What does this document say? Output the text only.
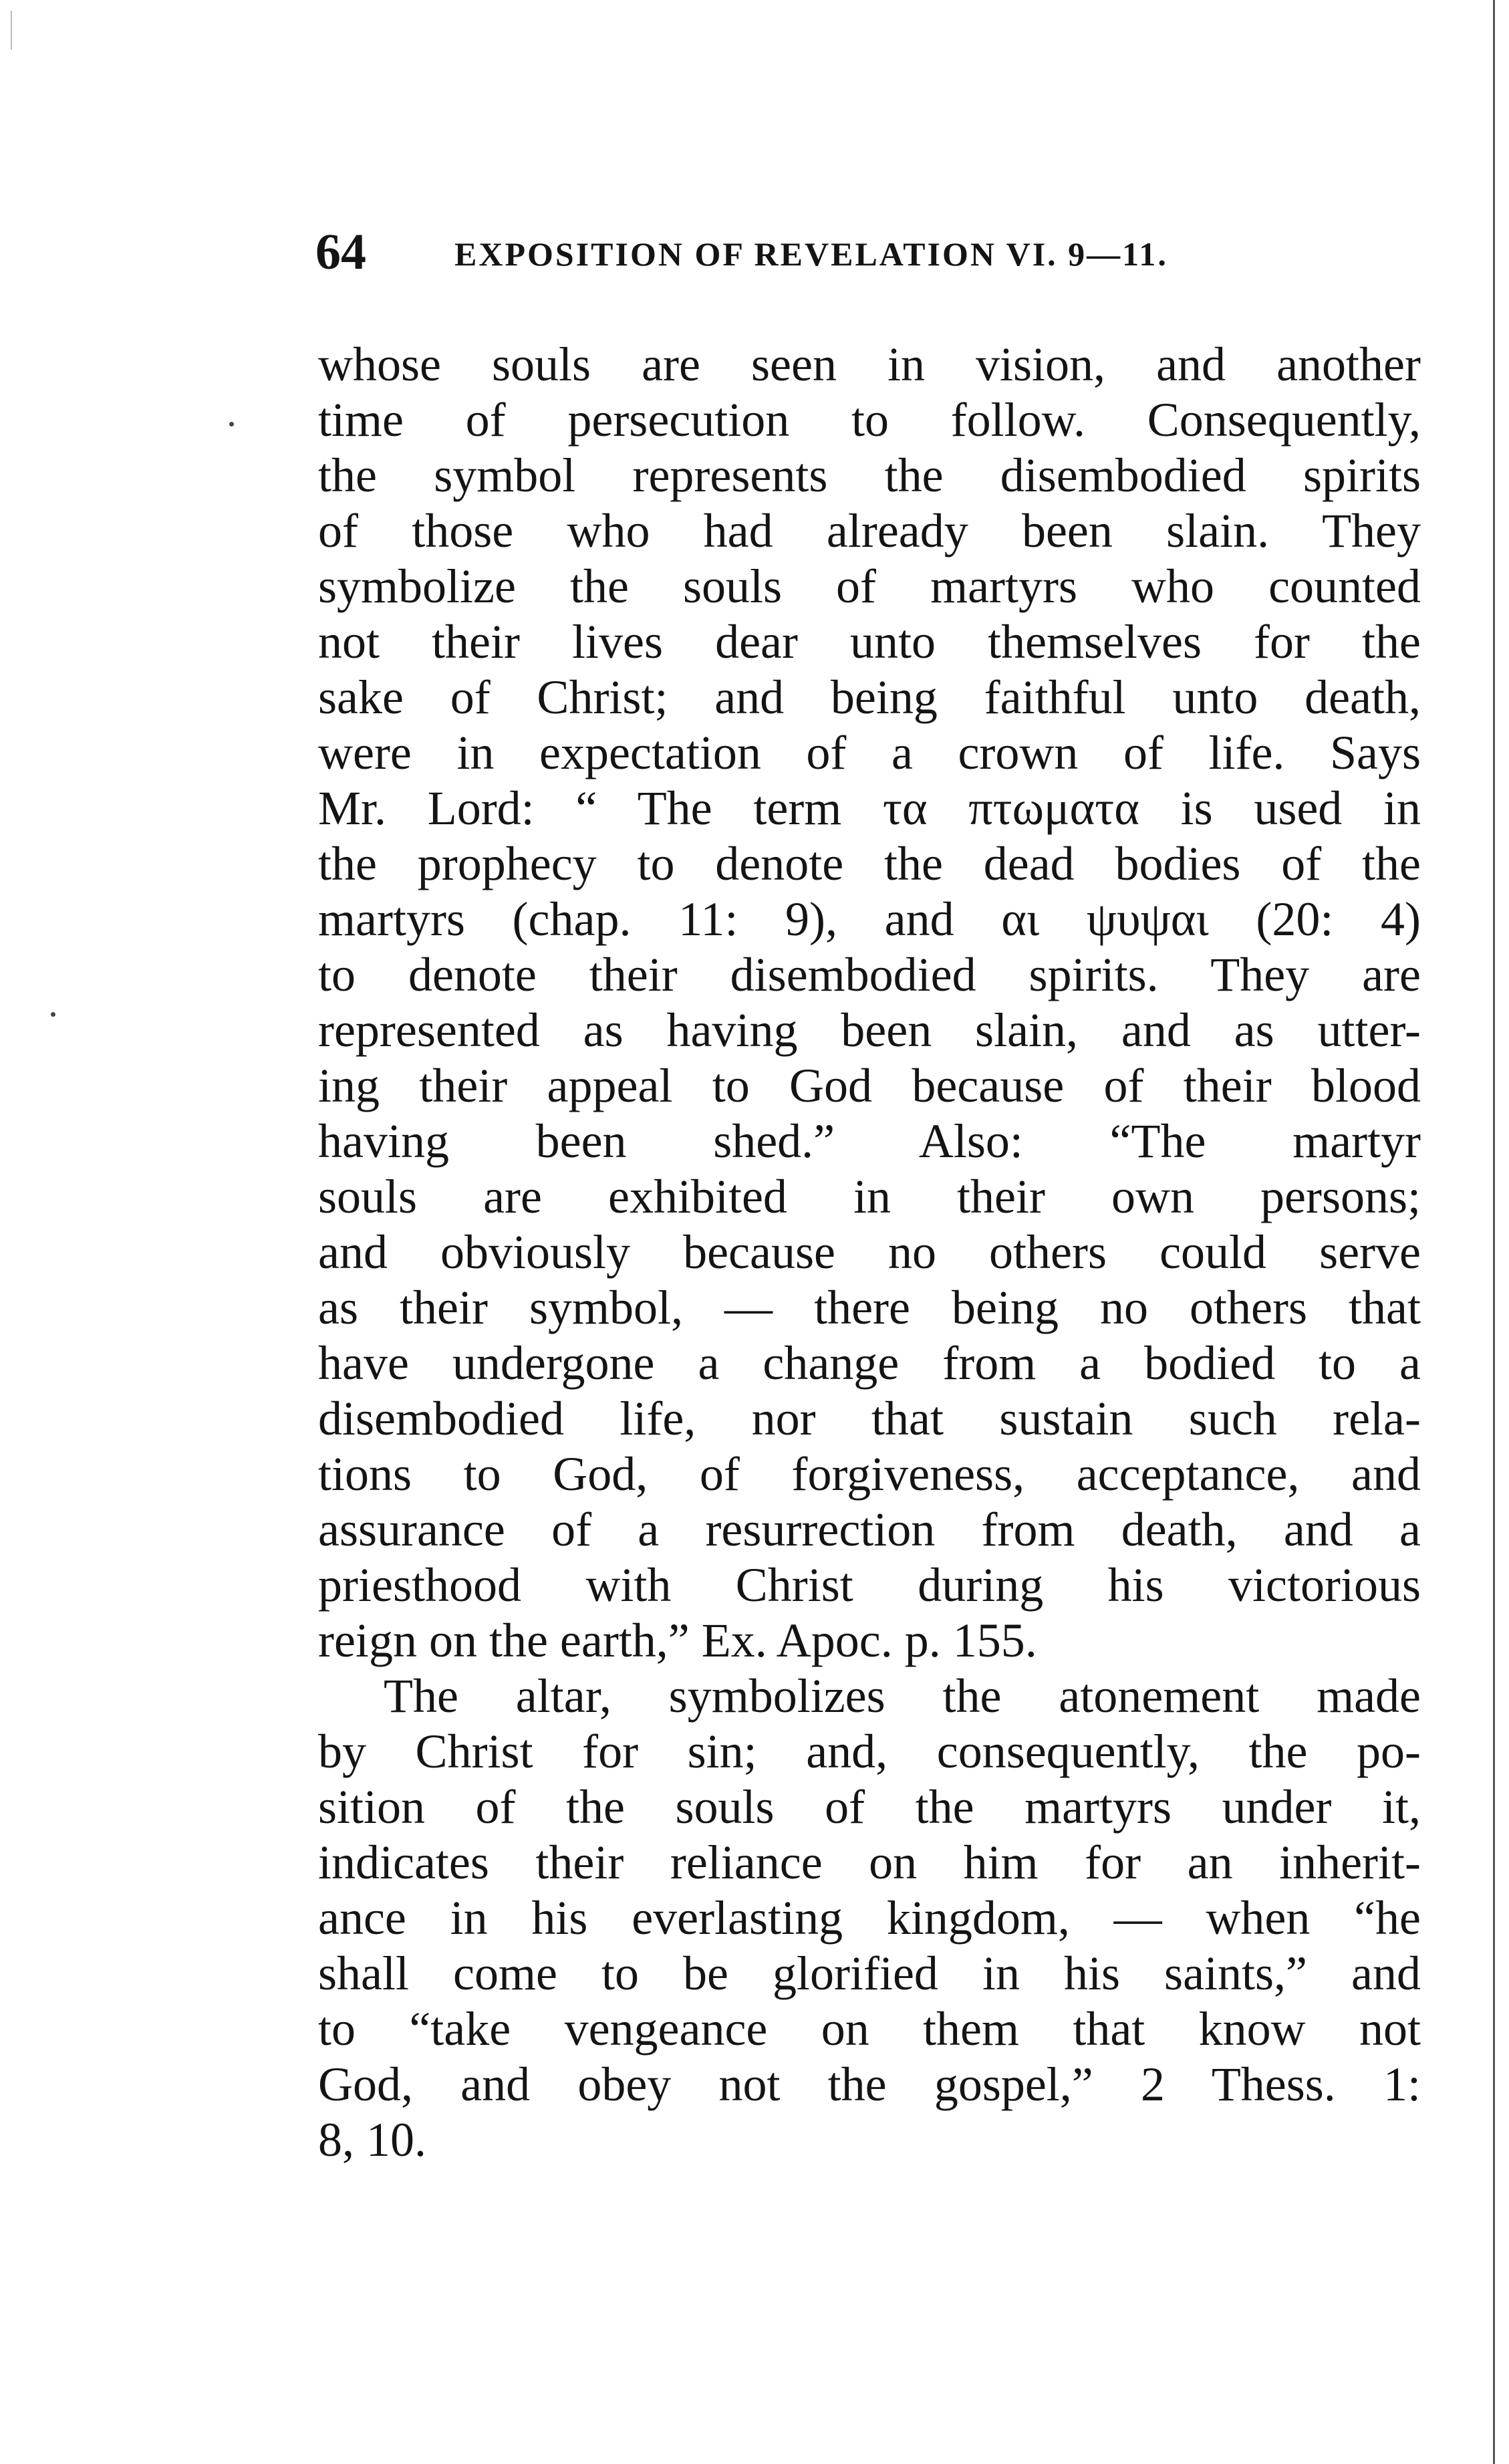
64	EXPOSITION OF REVELATION VI. 9—11.
whose souls are seen in vision, and another
time of persecution to follow. Consequently,
the symbol represents the disembodied spirits
of those who had already been slain. They
symbolize the souls of martyrs who counted
not their lives dear unto themselves for the
sake of Christ; and being faithful unto death,
were in expectation of a crown of life. Says
Mr. Lord: “ The term τα πτωματα is used in
the prophecy to denote the dead bodies of the
martyrs (chap. 11: 9), and αι ψυψαι (20: 4)
to denote their disembodied spirits. They are
represented as having been slain, and as utter-
ing their appeal to God because of their blood
having been shed.” Also: “The martyr
souls are exhibited in their own persons;
and obviously because no others could serve
as their symbol, — there being no others that
have undergone a change from a bodied to a
disembodied life, nor that sustain such rela-
tions to God, of forgiveness, acceptance, and
assurance of a resurrection from death, and a
priesthood with Christ during his victorious
reign on the earth,” Ex. Apoc. p. 155.
The altar, symbolizes the atonement made
by Christ for sin; and, consequently, the po-
sition of the souls of the martyrs under it,
indicates their reliance on him for an inherit-
ance in his everlasting kingdom, — when “he
shall come to be glorified in his saints,” and
to “take vengeance on them that know not
God, and obey not the gospel,” 2 Thess. 1:
8, 10.
